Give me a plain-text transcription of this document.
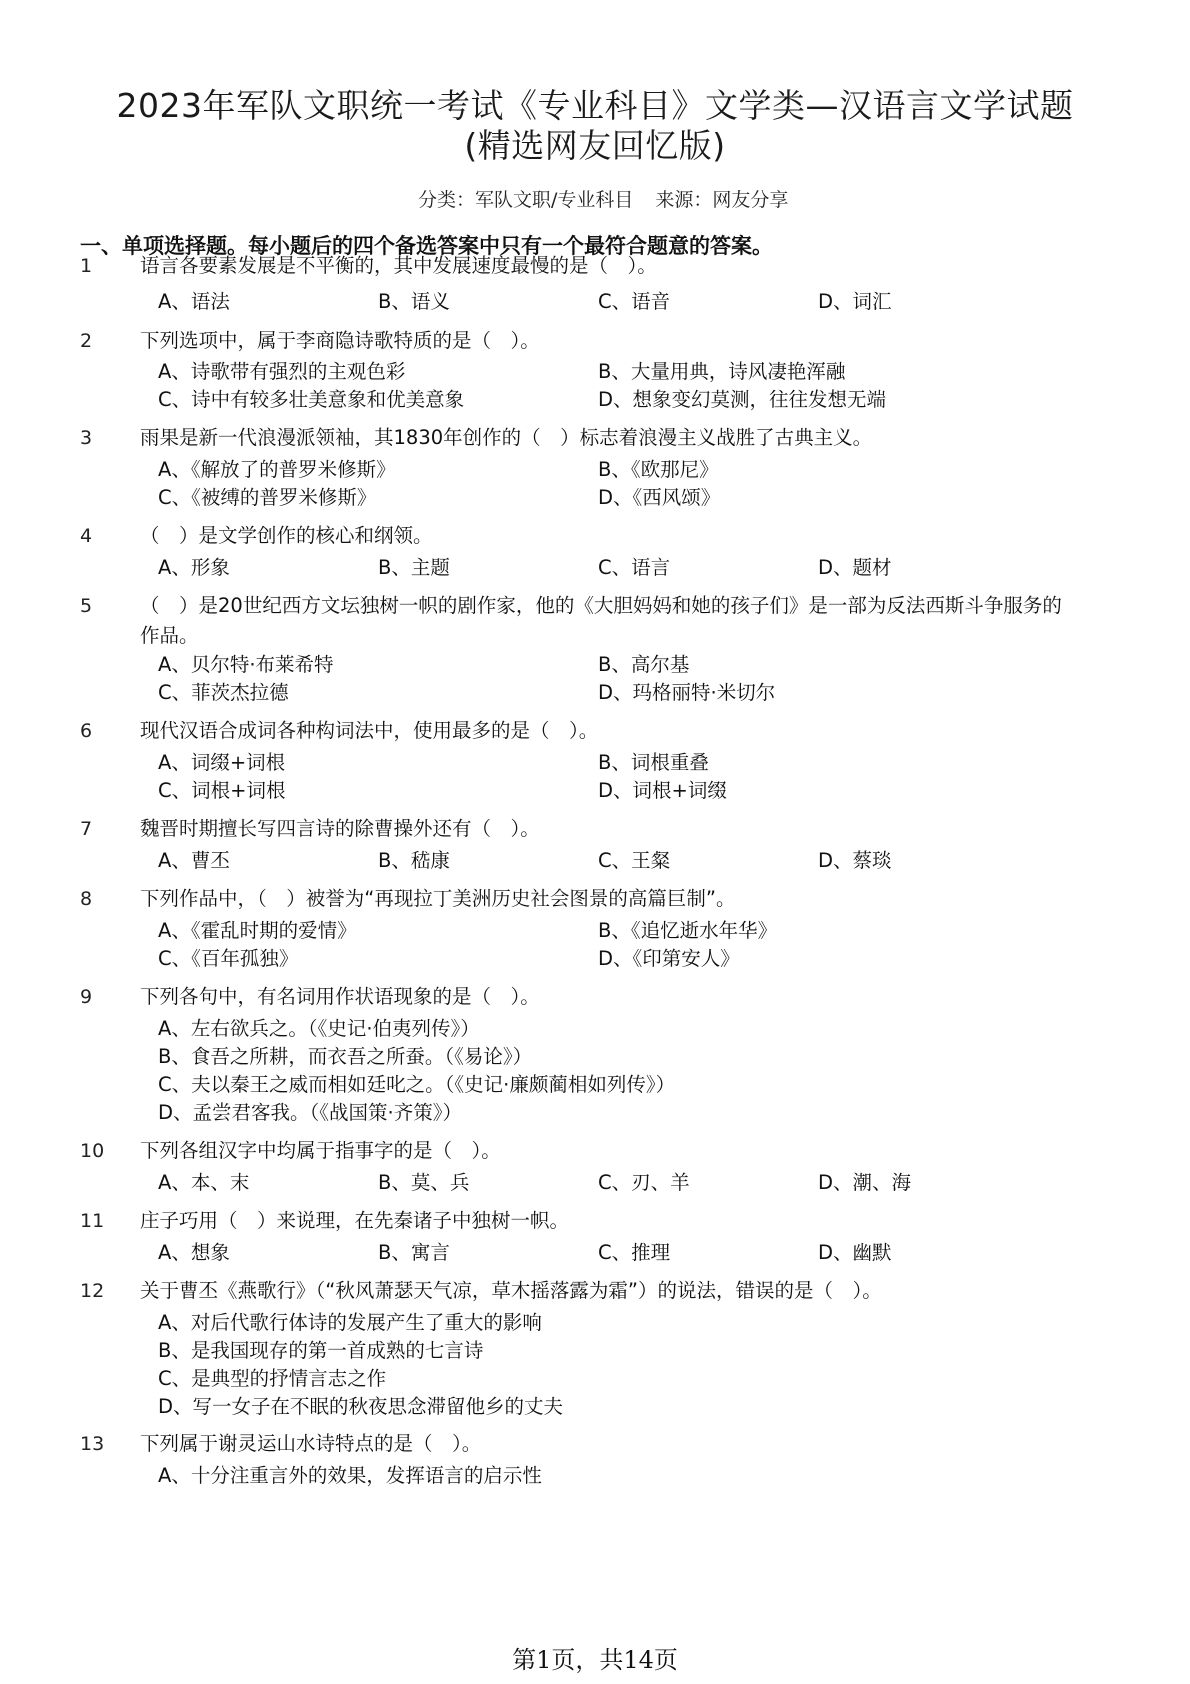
2023年军队文职统一考试《专业科目》文学类—汉语言文学试题
(精选网友回忆版)
分类：军队文职/专业科目 来源：网友分享
一、单项选择题。每小题后的四个备选答案中只有一个最符合题意的答案。
1 语言各要素发展是不平衡的，其中发展速度最慢的是（　）。
A、语法	B、语义	C、语音	D、词汇
2 下列选项中，属于李商隐诗歌特质的是（　）。
A、诗歌带有强烈的主观色彩	B、大量用典，诗风凄艳浑融
C、诗中有较多壮美意象和优美意象	D、想象变幻莫测，往往发想无端
3 雨果是新一代浪漫派领袖，其1830年创作的（　）标志着浪漫主义战胜了古典主义。
A、《解放了的普罗米修斯》	B、《欧那尼》
C、《被缚的普罗米修斯》	D、《西风颂》
4 （　）是文学创作的核心和纲领。
A、形象	B、主题	C、语言	D、题材
5 （　）是20世纪西方文坛独树一帜的剧作家，他的《大胆妈妈和她的孩子们》是一部为反法西斯斗争服务的作品。
A、贝尔特·布莱希特	B、高尔基
C、菲茨杰拉德	D、玛格丽特·米切尔
6 现代汉语合成词各种构词法中，使用最多的是（　）。
A、词缀+词根	B、词根重叠
C、词根+词根	D、词根+词缀
7 魏晋时期擅长写四言诗的除曹操外还有（　）。
A、曹丕	B、嵇康	C、王粲	D、蔡琰
8 下列作品中，（　）被誉为“再现拉丁美洲历史社会图景的高篇巨制”。
A、《霍乱时期的爱情》	B、《追忆逝水年华》
C、《百年孤独》	D、《印第安人》
9 下列各句中，有名词用作状语现象的是（　）。
A、左右欲兵之。（《史记·伯夷列传》）
B、食吾之所耕，而衣吾之所蚕。（《易论》）
C、夫以秦王之威而相如廷叱之。（《史记·廉颇蔺相如列传》）
D、孟尝君客我。（《战国策·齐策》）
10 下列各组汉字中均属于指事字的是（　）。
A、本、末	B、莫、兵	C、刃、羊	D、潮、海
11 庄子巧用（　）来说理，在先秦诸子中独树一帜。
A、想象	B、寓言	C、推理	D、幽默
12 关于曹丕《燕歌行》（“秋风萧瑟天气凉，草木摇落露为霜”）的说法，错误的是（　）。
A、对后代歌行体诗的发展产生了重大的影响
B、是我国现存的第一首成熟的七言诗
C、是典型的抒情言志之作
D、写一女子在不眠的秋夜思念滞留他乡的丈夫
13 下列属于谢灵运山水诗特点的是（　）。
A、十分注重言外的效果，发挥语言的启示性
第1页，共14页
